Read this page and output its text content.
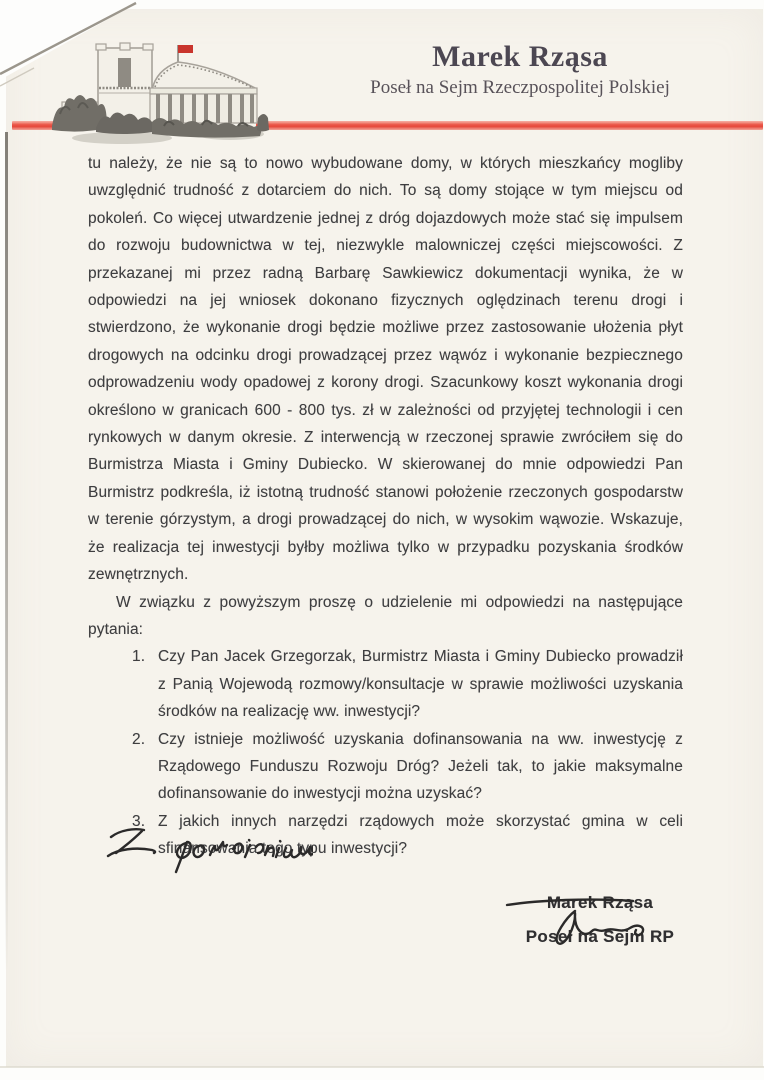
Marek Rząsa
Poseł na Sejm Rzeczpospolitej Polskiej

tu należy, że nie są to nowo wybudowane domy, w których mieszkańcy mogliby uwzględnić trudność z dotarciem do nich. To są domy stojące w tym miejscu od pokoleń. Co więcej utwardzenie jednej z dróg dojazdowych może stać się impulsem do rozwoju budownictwa w tej, niezwykle malowniczej części miejscowości. Z przekazanej mi przez radną Barbarę Sawkiewicz dokumentacji wynika, że w odpowiedzi na jej wniosek dokonano fizycznych oględzinach terenu drogi i stwierdzono, że wykonanie drogi będzie możliwe przez zastosowanie ułożenia płyt drogowych na odcinku drogi prowadzącej przez wąwóz i wykonanie bezpiecznego odprowadzeniu wody opadowej z korony drogi. Szacunkowy koszt wykonania drogi określono w granicach 600 - 800 tys. zł w zależności od przyjętej technologii i cen rynkowych w danym okresie. Z interwencją w rzeczonej sprawie zwróciłem się do Burmistrza Miasta i Gminy Dubiecko. W skierowanej do mnie odpowiedzi Pan Burmistrz podkreśla, iż istotną trudność stanowi położenie rzeczonych gospodarstw w terenie górzystym, a drogi prowadzącej do nich, w wysokim wąwozie. Wskazuje, że realizacja tej inwestycji byłby możliwa tylko w przypadku pozyskania środków zewnętrznych.

W związku z powyższym proszę o udzielenie mi odpowiedzi na następujące pytania:

1. Czy Pan Jacek Grzegorzak, Burmistrz Miasta i Gminy Dubiecko prowadził z Panią Wojewodą rozmowy/konsultacje w sprawie możliwości uzyskania środków na realizację ww. inwestycji?
2. Czy istnieje możliwość uzyskania dofinansowania na ww. inwestycję z Rządowego Funduszu Rozwoju Dróg? Jeżeli tak, to jakie maksymalne dofinansowanie do inwestycji można uzyskać?
3. Z jakich innych narzędzi rządowych może skorzystać gmina w celi sfinansowania tego typu inwestycji?
Marek Rząsa
Poseł na Sejm RP
